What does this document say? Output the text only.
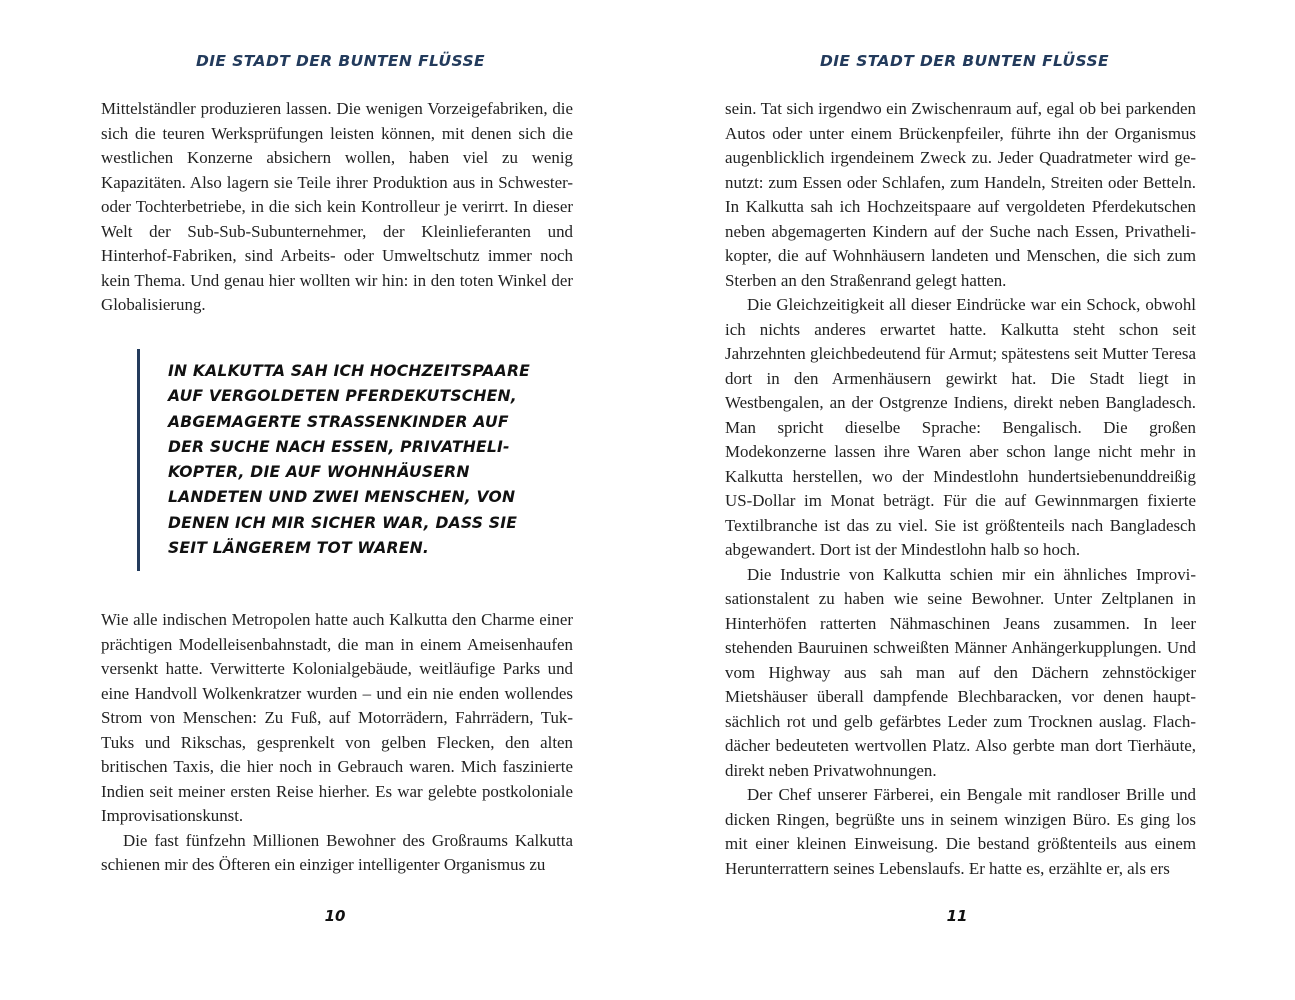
DIE STADT DER BUNTEN FLÜSSE

Mittelständler produzieren lassen. Die wenigen Vorzeigefabriken, die sich die teuren Werksprüfungen leisten können, mit denen sich die westlichen Konzerne absichern wollen, haben viel zu wenig Kapazitäten. Also lagern sie Teile ihrer Produktion aus in Schwester- oder Tochterbetriebe, in die sich kein Kontrolleur je verirrt. In dieser Welt der Sub-Sub-Subunternehmer, der Kleinlieferanten und Hinterhof-Fabriken, sind Arbeits- oder Umweltschutz immer noch kein Thema. Und genau hier wollten wir hin: in den toten Winkel der Globalisierung.

IN KALKUTTA SAH ICH HOCHZEITSPAARE
AUF VERGOLDETEN PFERDEKUTSCHEN,
ABGEMAGERTE STRASSENKINDER AUF
DER SUCHE NACH ESSEN, PRIVATHELI-
KOPTER, DIE AUF WOHNHÄUSERN
LANDETEN UND ZWEI MENSCHEN, VON
DENEN ICH MIR SICHER WAR, DASS SIE
SEIT LÄNGEREM TOT WAREN.

Wie alle indischen Metropolen hatte auch Kalkutta den Charme einer prächtigen Modelleisenbahnstadt, die man in einem Ameisenhaufen versenkt hatte. Verwitterte Kolonialgebäude, weitläufige Parks und eine Handvoll Wolkenkratzer wurden – und ein nie enden wollendes Strom von Menschen: Zu Fuß, auf Motorrädern, Fahrrädern, Tuk-Tuks und Rikschas, gesprenkelt von gelben Flecken, den alten britischen Taxis, die hier noch in Gebrauch waren. Mich faszinierte Indien seit meiner ersten Reise hierher. Es war gelebte postkoloniale Improvisationskunst.

Die fast fünfzehn Millionen Bewohner des Großraums Kalkutta schienen mir des Öfteren ein einziger intelligenter Organismus zu

10
DIE STADT DER BUNTEN FLÜSSE

sein. Tat sich irgendwo ein Zwischenraum auf, egal ob bei parkenden Autos oder unter einem Brückenpfeiler, führte ihn der Organismus augenblicklich irgendeinem Zweck zu. Jeder Quadratmeter wird genutzt: zum Essen oder Schlafen, zum Handeln, Streiten oder Betteln. In Kalkutta sah ich Hochzeitspaare auf vergoldeten Pferdekutschen neben abgemagerten Kindern auf der Suche nach Essen, Privathelikopter, die auf Wohnhäusern landeten und Menschen, die sich zum Sterben an den Straßenrand gelegt hatten.

Die Gleichzeitigkeit all dieser Eindrücke war ein Schock, obwohl ich nichts anderes erwartet hatte. Kalkutta steht schon seit Jahrzehnten gleichbedeutend für Armut; spätestens seit Mutter Teresa dort in den Armenhäusern gewirkt hat. Die Stadt liegt in Westbengalen, an der Ostgrenze Indiens, direkt neben Bangladesch. Man spricht dieselbe Sprache: Bengalisch. Die großen Modekonzerne lassen ihre Waren aber schon lange nicht mehr in Kalkutta herstellen, wo der Mindestlohn hundertsiebenunddreißig US-Dollar im Monat beträgt. Für die auf Gewinnmargen fixierte Textilbranche ist das zu viel. Sie ist größtenteils nach Bangladesch abgewandert. Dort ist der Mindestlohn halb so hoch.

Die Industrie von Kalkutta schien mir ein ähnliches Improvisationstalent zu haben wie seine Bewohner. Unter Zeltplanen in Hinterhöfen ratterten Nähmaschinen Jeans zusammen. In leer stehenden Bauruinen schweißten Männer Anhängerkupplungen. Und vom Highway aus sah man auf den Dächern zehnstöckiger Mietshäuser überall dampfende Blechbaracken, vor denen hauptsächlich rot und gelb gefärbtes Leder zum Trocknen auslag. Flachdächer bedeuteten wertvollen Platz. Also gerbte man dort Tierhäute, direkt neben Privatwohnungen.

Der Chef unserer Färberei, ein Bengale mit randloser Brille und dicken Ringen, begrüßte uns in seinem winzigen Büro. Es ging los mit einer kleinen Einweisung. Die bestand größtenteils aus einem Herunterrattern seines Lebenslaufs. Er hatte es, erzählte er, als ers

11
